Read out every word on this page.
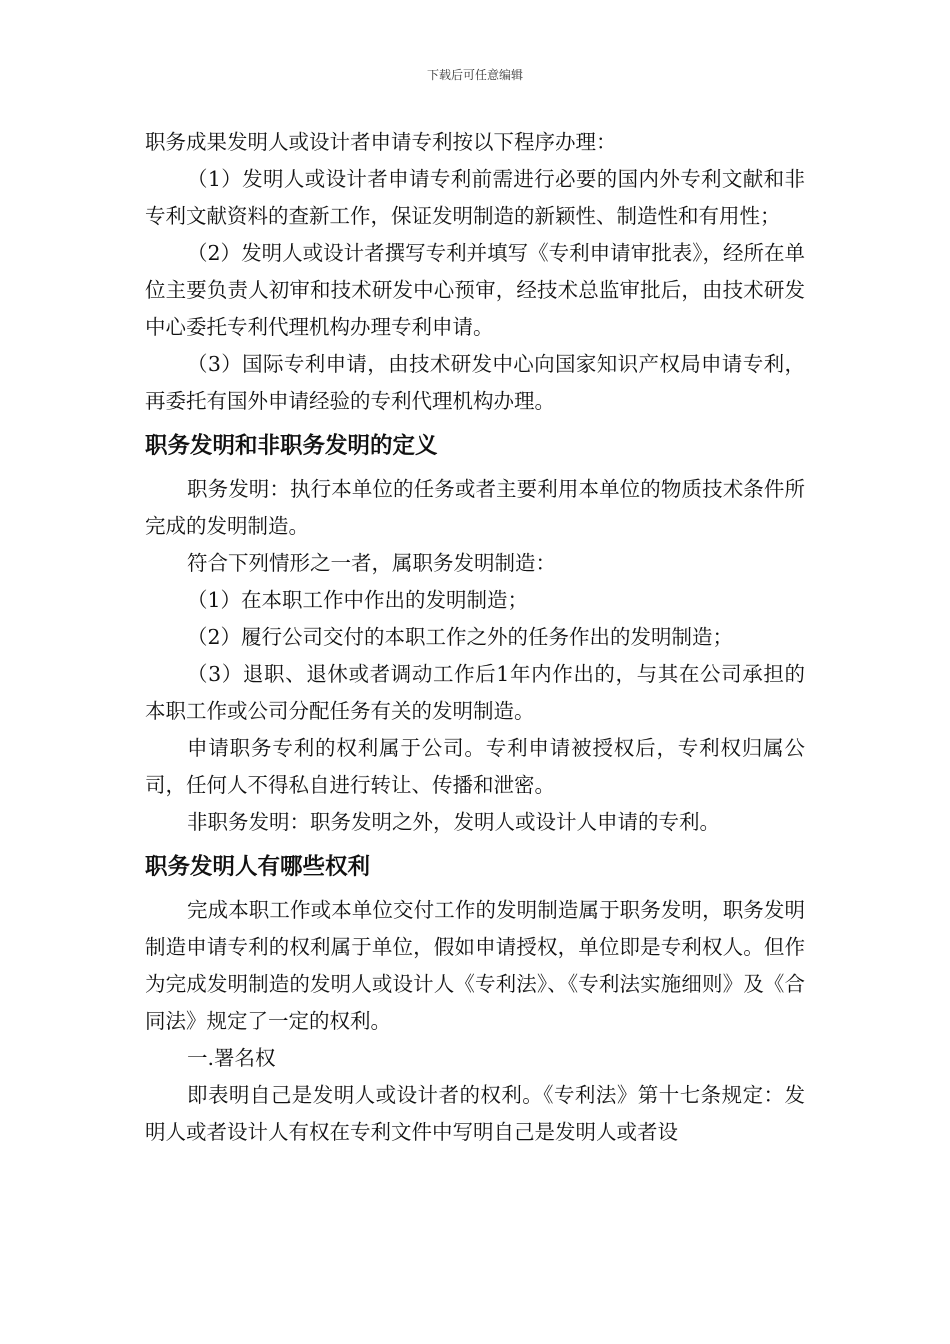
下载后可任意编辑

职务成果发明人或设计者申请专利按以下程序办理：

（1）发明人或设计者申请专利前需进行必要的国内外专利文献和非专利文献资料的查新工作，保证发明制造的新颖性、制造性和有用性；

（2）发明人或设计者撰写专利并填写《专利申请审批表》，经所在单位主要负责人初审和技术研发中心预审，经技术总监审批后，由技术研发中心委托专利代理机构办理专利申请。

（3）国际专利申请，由技术研发中心向国家知识产权局申请专利，再委托有国外申请经验的专利代理机构办理。

职务发明和非职务发明的定义

职务发明：执行本单位的任务或者主要利用本单位的物质技术条件所完成的发明制造。

符合下列情形之一者，属职务发明制造：

（1）在本职工作中作出的发明制造；

（2）履行公司交付的本职工作之外的任务作出的发明制造；

（3）退职、退休或者调动工作后1年内作出的，与其在公司承担的本职工作或公司分配任务有关的发明制造。

申请职务专利的权利属于公司。专利申请被授权后，专利权归属公司，任何人不得私自进行转让、传播和泄密。

非职务发明：职务发明之外，发明人或设计人申请的专利。

职务发明人有哪些权利

完成本职工作或本单位交付工作的发明制造属于职务发明，职务发明制造申请专利的权利属于单位，假如申请授权，单位即是专利权人。但作为完成发明制造的发明人或设计人《专利法》、《专利法实施细则》及《合同法》规定了一定的权利。

一.署名权

即表明自己是发明人或设计者的权利。《专利法》第十七条规定：发明人或者设计人有权在专利文件中写明自己是发明人或者设
